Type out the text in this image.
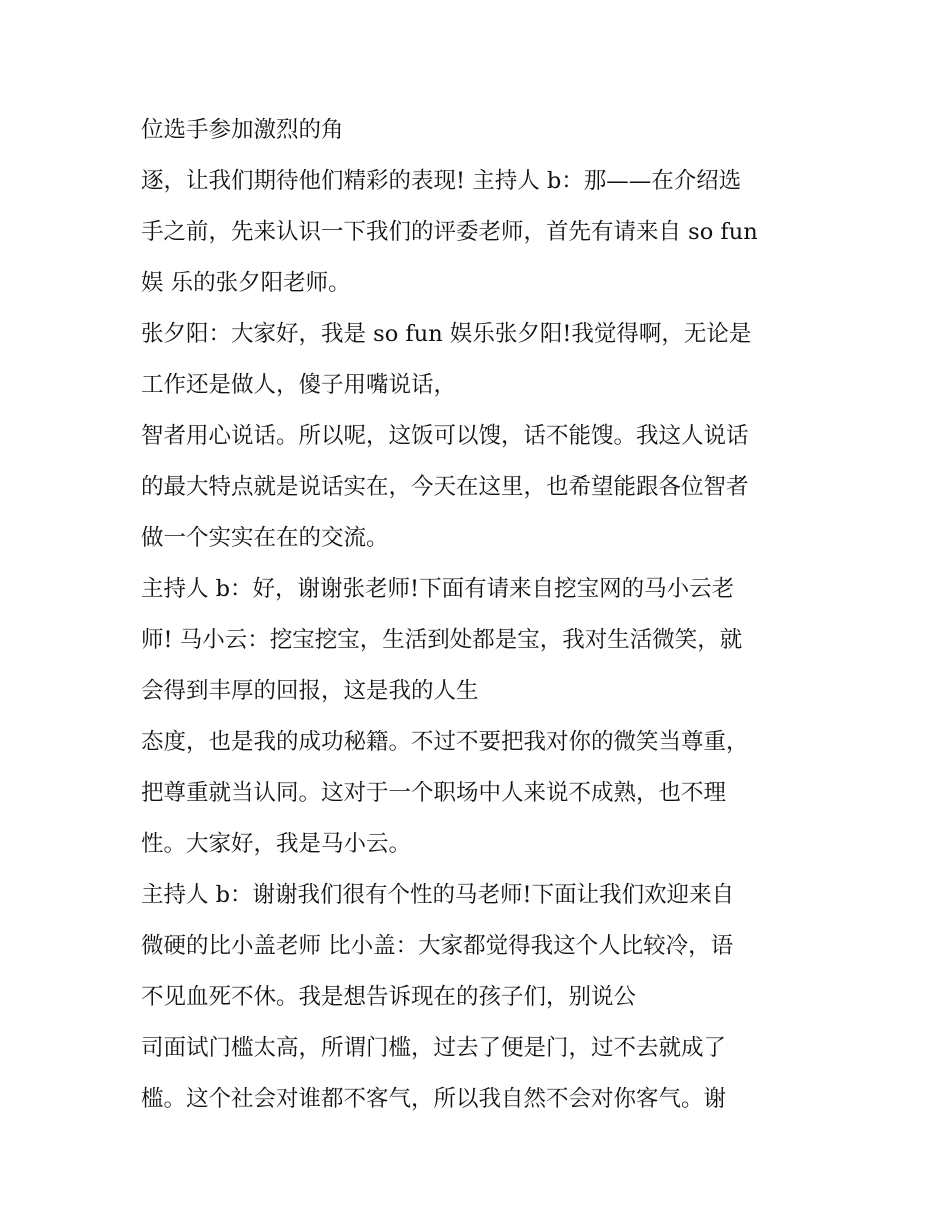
位选手参加激烈的角
逐，让我们期待他们精彩的表现! 主持人 b：那——在介绍选
手之前，先来认识一下我们的评委老师，首先有请来自 so fun
娱 乐的张夕阳老师。
张夕阳：大家好，我是 so fun 娱乐张夕阳!我觉得啊，无论是
工作还是做人，傻子用嘴说话，
智者用心说话。所以呢，这饭可以馊，话不能馊。我这人说话
的最大特点就是说话实在，今天在这里，也希望能跟各位智者
做一个实实在在的交流。
主持人 b：好，谢谢张老师!下面有请来自挖宝网的马小云老
师! 马小云：挖宝挖宝，生活到处都是宝，我对生活微笑，就
会得到丰厚的回报，这是我的人生
态度，也是我的成功秘籍。不过不要把我对你的微笑当尊重，
把尊重就当认同。这对于一个职场中人来说不成熟，也不理
性。大家好，我是马小云。
主持人 b：谢谢我们很有个性的马老师!下面让我们欢迎来自
微硬的比小盖老师 比小盖：大家都觉得我这个人比较冷，语
不见血死不休。我是想告诉现在的孩子们，别说公
司面试门槛太高，所谓门槛，过去了便是门，过不去就成了
槛。这个社会对谁都不客气，所以我自然不会对你客气。谢
